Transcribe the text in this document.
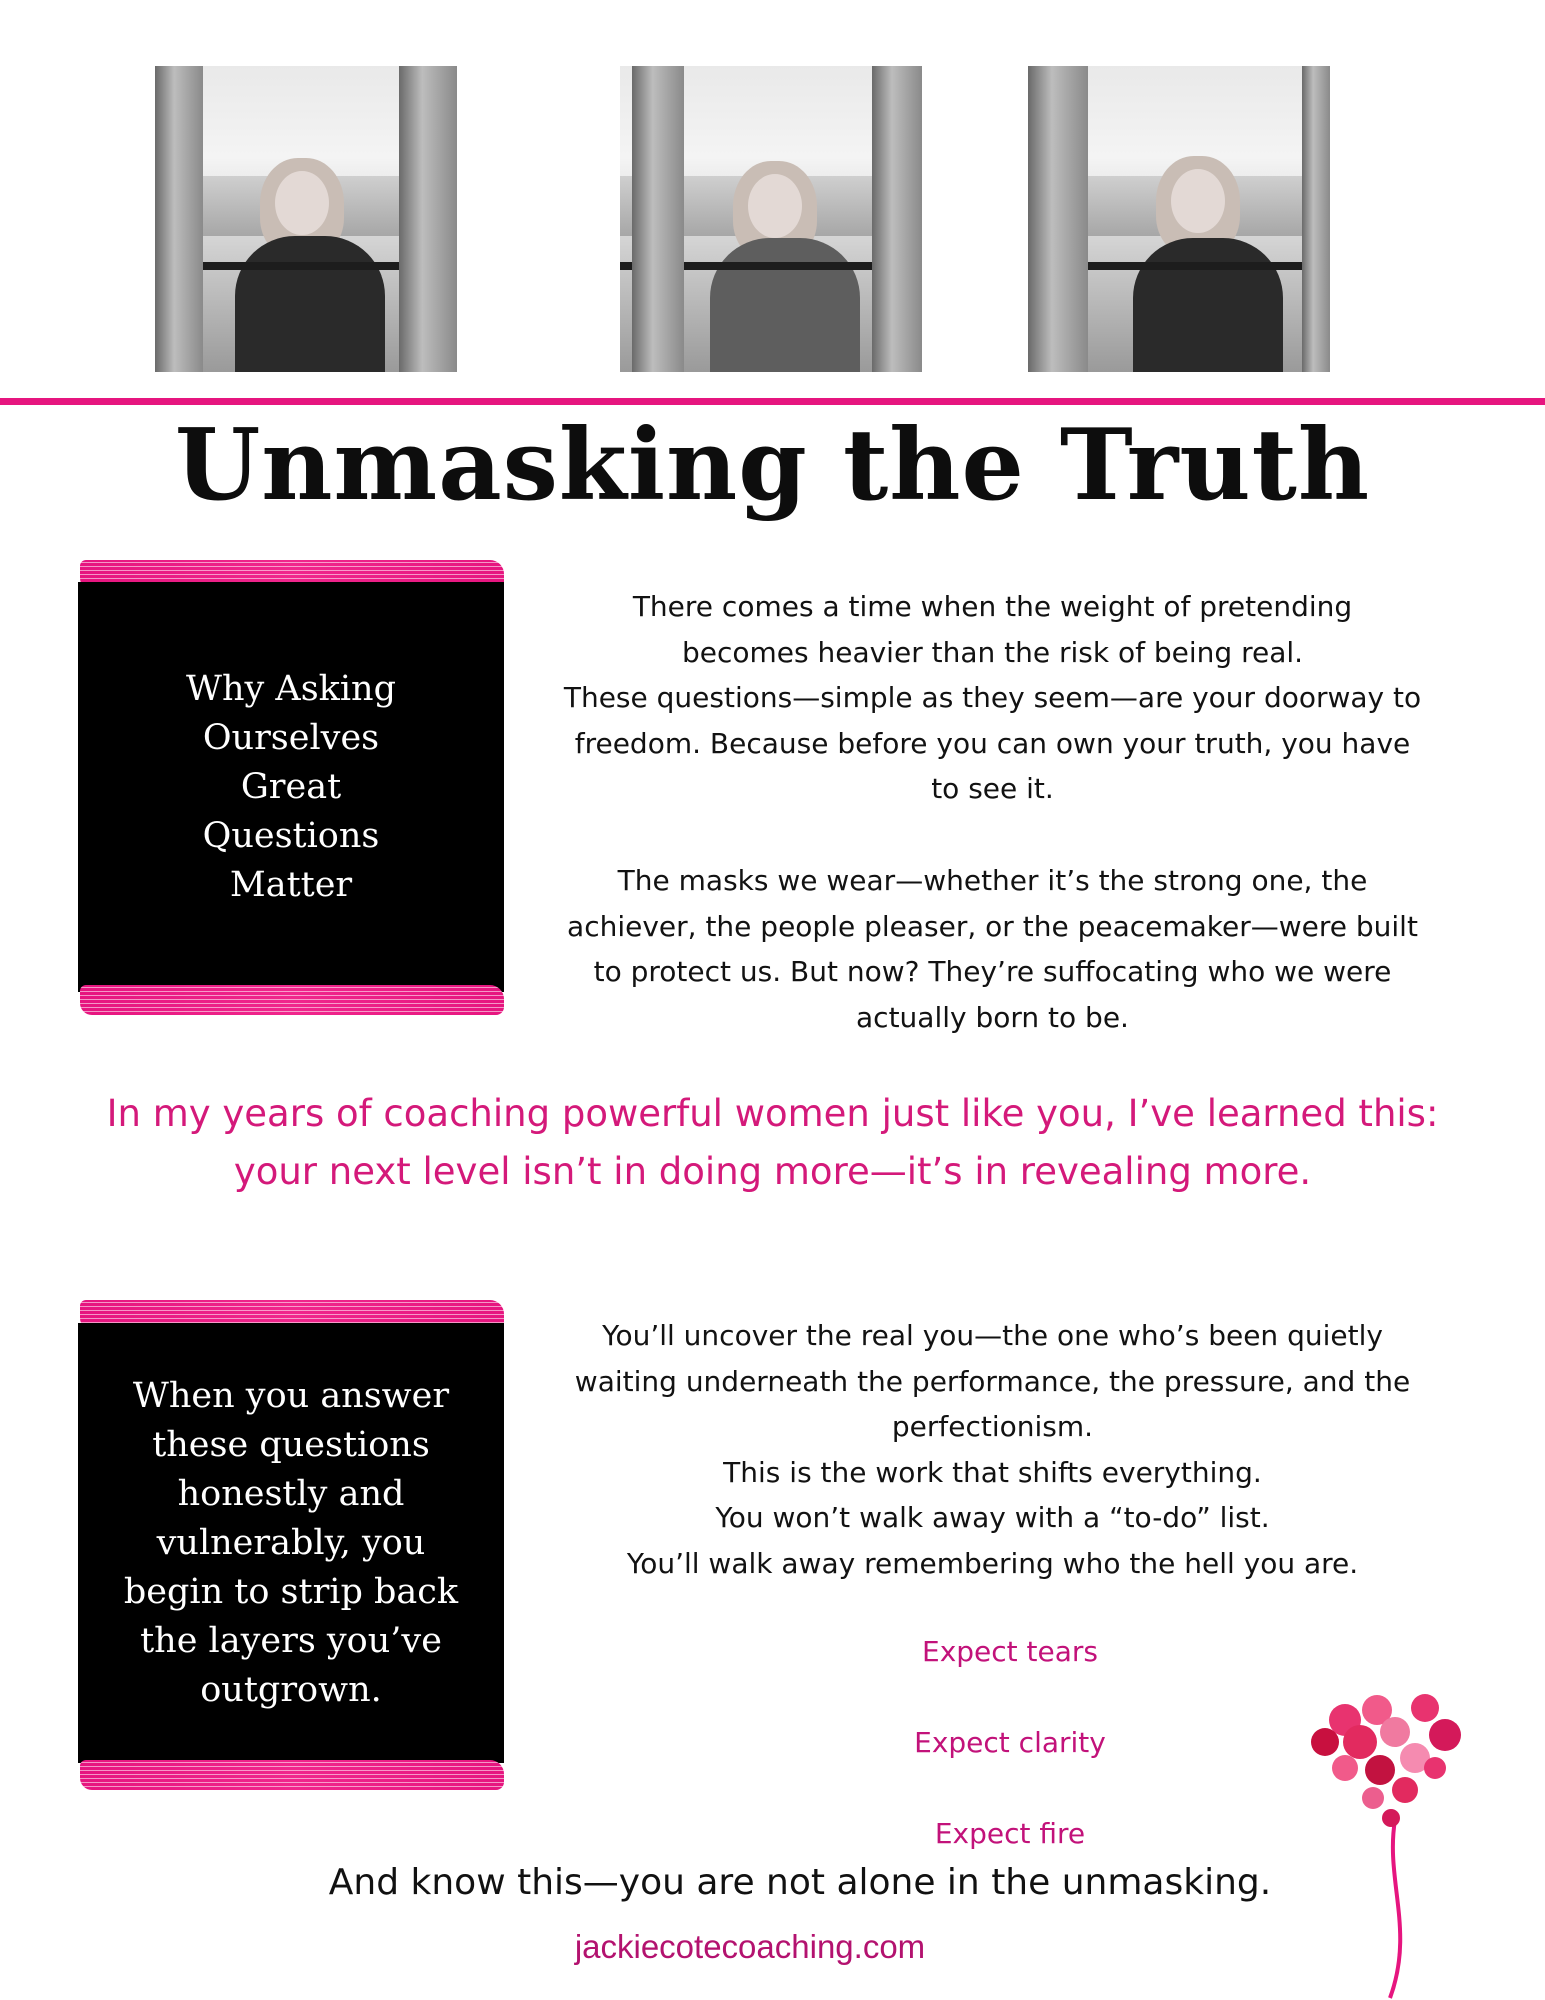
Unmasking the Truth
Why Asking
Ourselves
Great
Questions
Matter
There comes a time when the weight of pretending
becomes heavier than the risk of being real.
These questions—simple as they seem—are your doorway to
freedom. Because before you can own your truth, you have
to see it.
The masks we wear—whether it’s the strong one, the
achiever, the people pleaser, or the peacemaker—were built
to protect us. But now? They’re suffocating who we were
actually born to be.
In my years of coaching powerful women just like you, I’ve learned this:
your next level isn’t in doing more—it’s in revealing more.
When you answer
these questions
honestly and
vulnerably, you
begin to strip back
the layers you’ve
outgrown.
You’ll uncover the real you—the one who’s been quietly
waiting underneath the performance, the pressure, and the
perfectionism.
This is the work that shifts everything.
You won’t walk away with a “to-do” list.
You’ll walk away remembering who the hell you are.
Expect tears
Expect clarity
Expect fire
And know this—you are not alone in the unmasking.
jackiecotecoaching.com
